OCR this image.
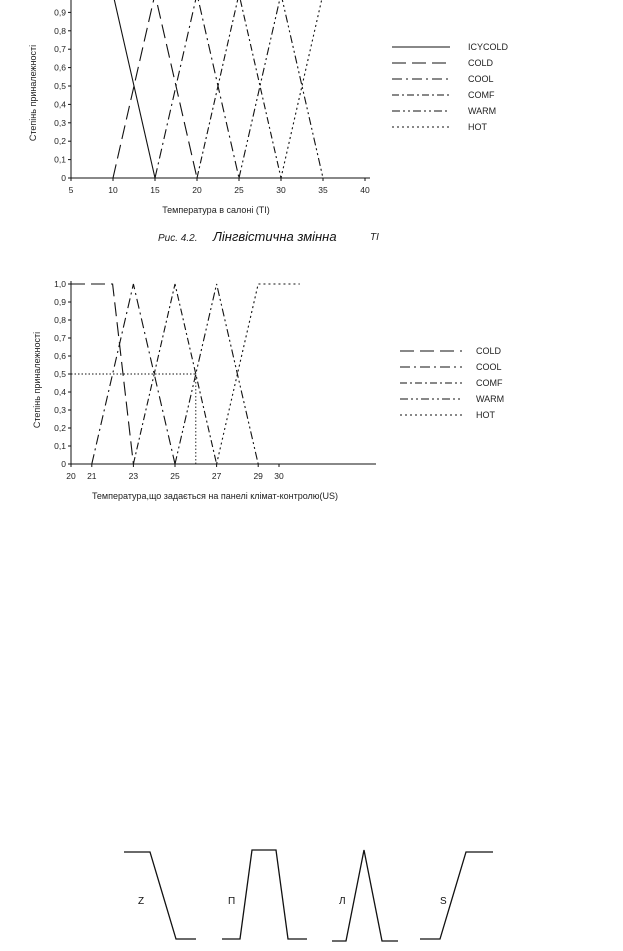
0
0,1
0,2
0,3
0,4
0,5
0,6
0,7
0,8
0,9
5	10	15	20	25	30	35	40
Температура в салоні (TI)
Степінь приналежності	ICYCOLD
COLD
COOL
COMF
WARM
HOT
Рис. 4.2. Лінгвістична змінна	TI
0
0,1
0,2
0,3
0,4
0,5
0,6
0,7
0,8
0,9
1,0
20 21	23	25	27	29 30
Температура,що задається на панелі клімат-контролю(US)
Степінь приналежності	COLD
COOL
COMF
WARM
HOT
Z	П	Л	S
